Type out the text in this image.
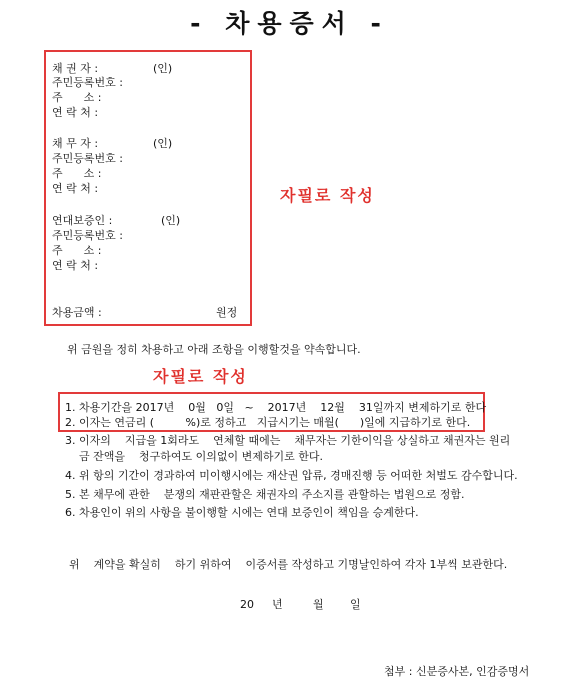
- 차용증서 -
채 권 자 :	(인)
주민등록번호 :
주      소 :
연 락 처 :
채 무 자 :	(인)
주민등록번호 :
주      소 :
연 락 처 :
연대보증인 :	(인)
주민등록번호 :
주      소 :
연 락 처 :
차용금액 :	원정
자필로 작성
자필로 작성
위 금원을 정히 차용하고 아래 조항을 이행할것을 약속합니다.
1. 차용기간을 2017년    0월   0일   ~    2017년    12월    31일까지 변제하기로 한다
2. 이자는 연금리 (         %)로 정하고   지급시기는 매월(      )일에 지급하기로 한다.
3. 이자의    지급을 1회라도    연체할 때에는    채무자는 기한이익을 상실하고 채권자는 원리
금 잔액을    청구하여도 이의없이 변제하기로 한다.
4. 위 항의 기간이 경과하여 미이행시에는 재산권 압류, 경매진행 등 어떠한 처벌도 감수합니다.
5. 본 채무에 관한    분쟁의 재판관할은 채권자의 주소지를 관할하는 법원으로 정함.
6. 차용인이 위의 사항을 불이행할 시에는 연대 보증인이 책임을 승계한다.
위    계약을 확실히    하기 위하여    이증서를 작성하고 기명날인하여 각자 1부씩 보관한다.
20 년	월 일
첨부 : 신분증사본, 인감증명서
